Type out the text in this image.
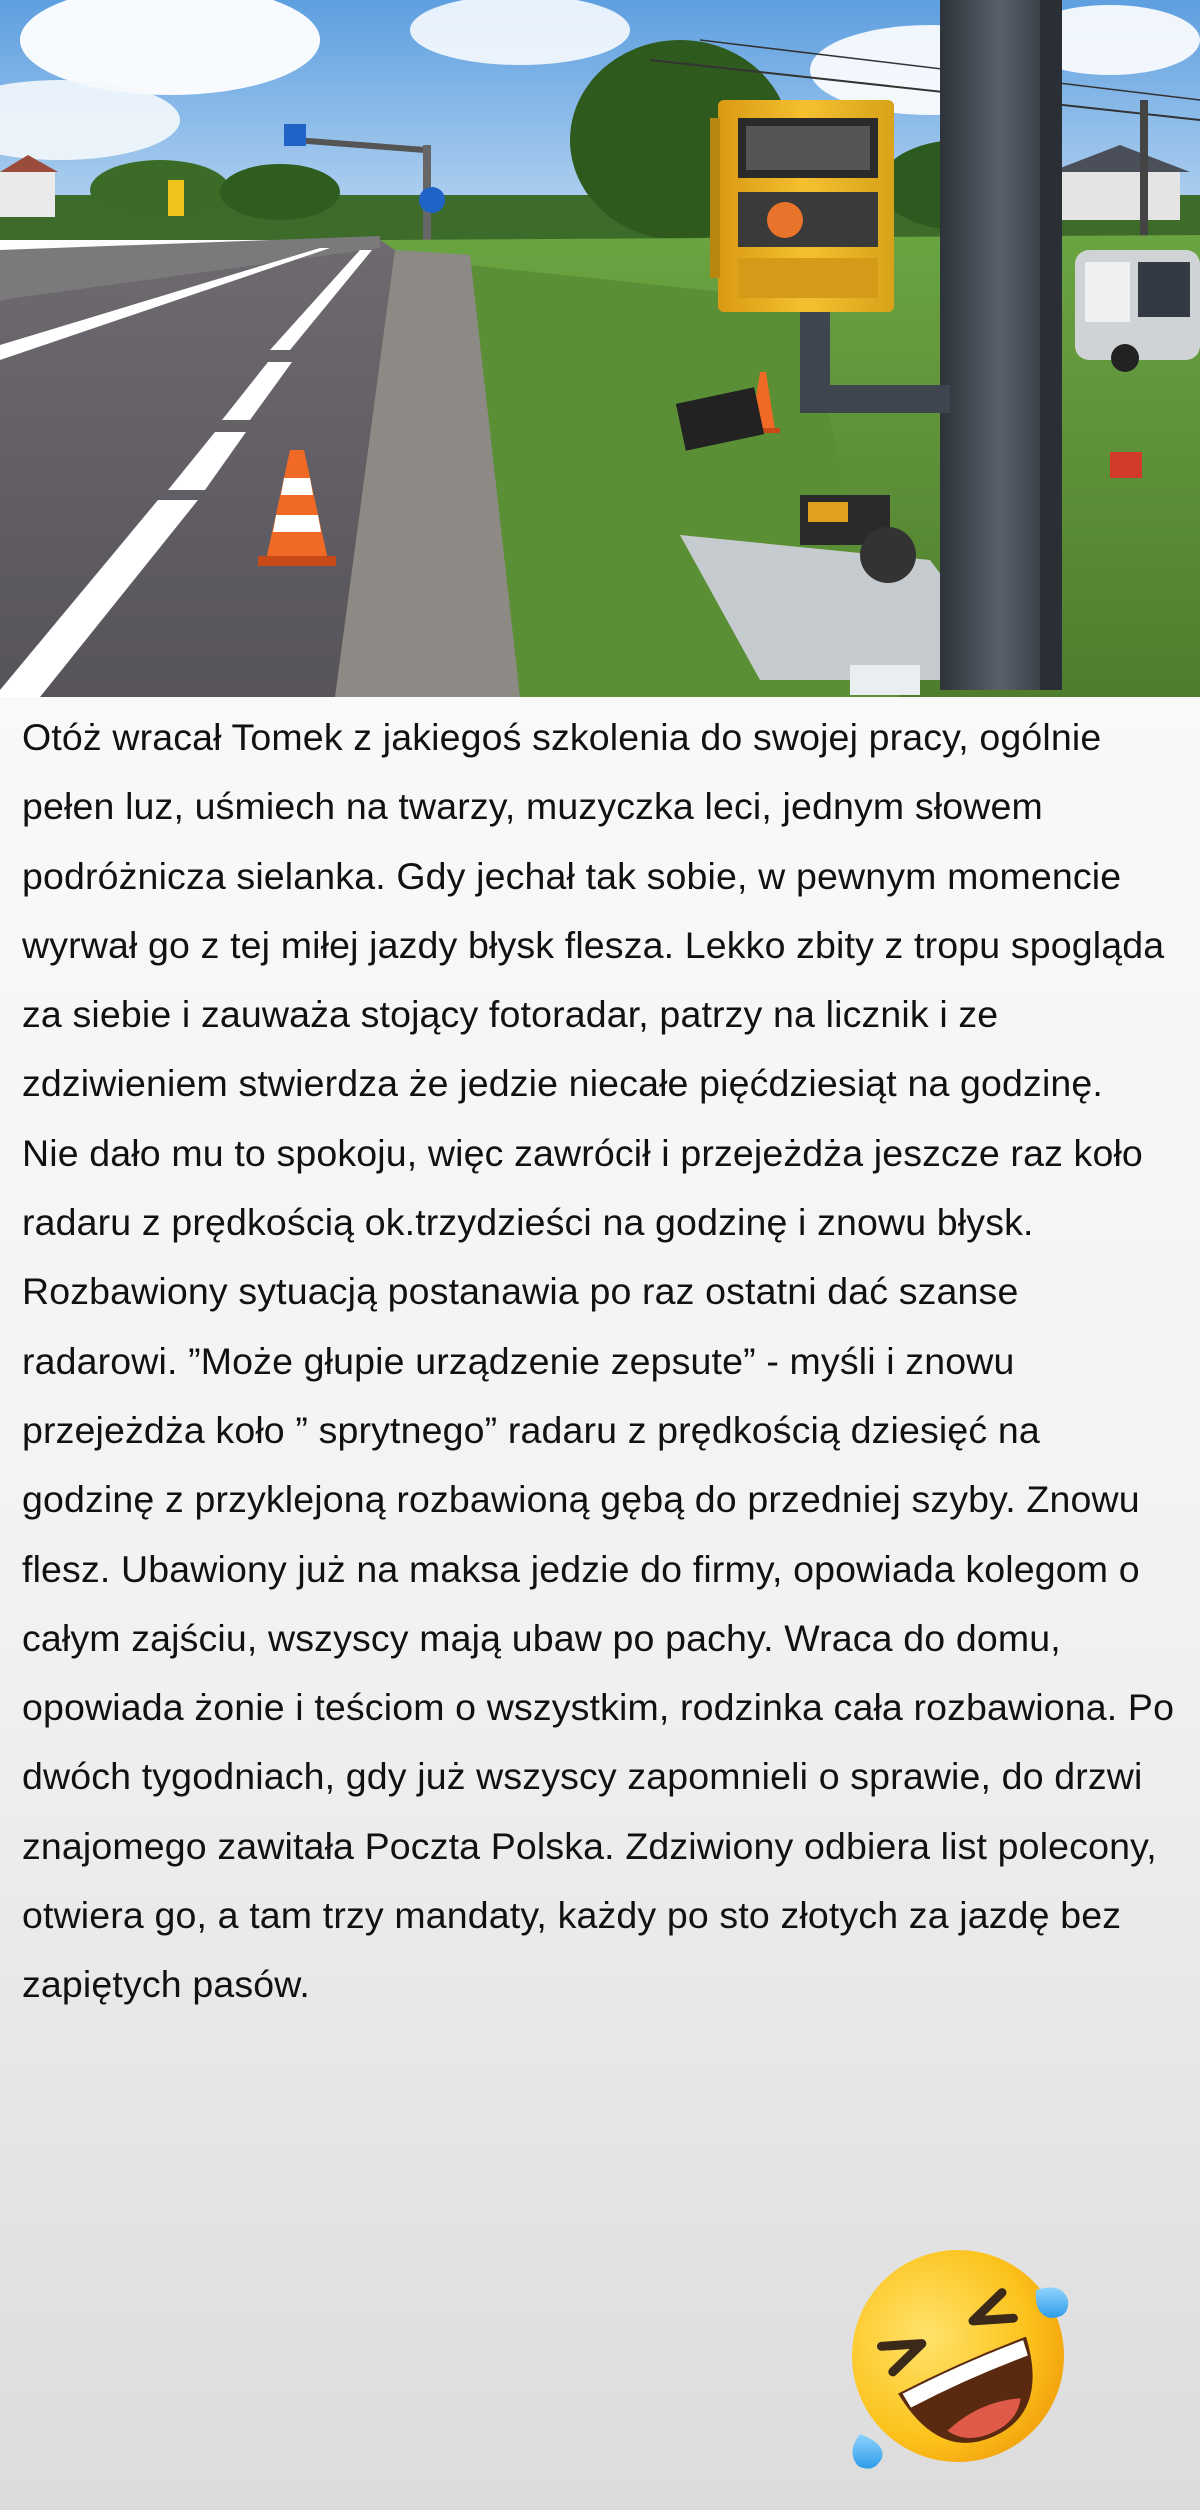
Otóż wracał Tomek z jakiegoś szkolenia do swojej pracy, ogólnie pełen luz, uśmiech na twarzy, muzyczka leci, jednym słowem podróżnicza sielanka. Gdy jechał tak sobie, w pewnym momencie wyrwał go z tej miłej jazdy błysk flesza. Lekko zbity z tropu spogląda za siebie i zauważa stojący fotoradar, patrzy na licznik i ze zdziwieniem stwierdza że jedzie niecałe pięćdziesiąt na godzinę.

Nie dało mu to spokoju, więc zawrócił i przejeżdża jeszcze raz koło radaru z prędkością ok.trzydzieści na godzinę i znowu błysk. Rozbawiony sytuacją postanawia po raz ostatni dać szanse radarowi. ”Może głupie urządzenie zepsute” - myśli i znowu przejeżdża koło ” sprytnego” radaru z prędkością dziesięć na godzinę z przyklejoną rozbawioną gębą do przedniej szyby. Znowu flesz. Ubawiony już na maksa jedzie do firmy, opowiada kolegom o całym zajściu, wszyscy mają ubaw po pachy. Wraca do domu, opowiada żonie i teściom o wszystkim, rodzinka cała rozbawiona. Po dwóch tygodniach, gdy już wszyscy zapomnieli o sprawie, do drzwi znajomego zawitała Poczta Polska. Zdziwiony odbiera list polecony, otwiera go, a tam trzy mandaty, każdy po sto złotych za jazdę bez zapiętych pasów.
